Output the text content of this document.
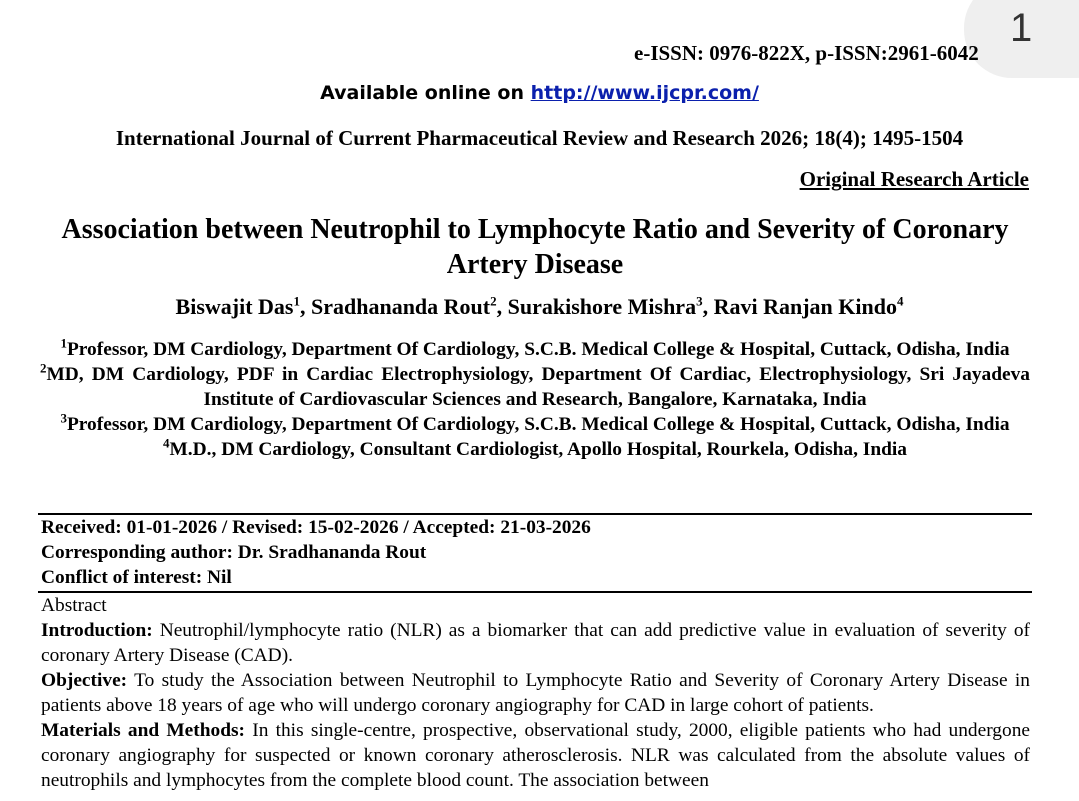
1
e-ISSN: 0976-822X, p-ISSN:2961-6042
Available online on http://www.ijcpr.com/
International Journal of Current Pharmaceutical Review and Research 2026; 18(4); 1495-1504
Original Research Article
Association between Neutrophil to Lymphocyte Ratio and Severity of Coronary Artery Disease
Biswajit Das$^1$, Sradhananda Rout$^2$, Surakishore Mishra$^3$, Ravi Ranjan Kindo$^4$
$^1$Professor, DM Cardiology, Department Of Cardiology, S.C.B. Medical College & Hospital, Cuttack, Odisha, India
$^2$MD, DM Cardiology, PDF in Cardiac Electrophysiology, Department Of Cardiac, Electrophysiology, Sri Jayadeva Institute of Cardiovascular Sciences and Research, Bangalore, Karnataka, India
$^3$Professor, DM Cardiology, Department Of Cardiology, S.C.B. Medical College & Hospital, Cuttack, Odisha, India
$^4$M.D., DM Cardiology, Consultant Cardiologist, Apollo Hospital, Rourkela, Odisha, India
Received: 01-01-2026 / Revised: 15-02-2026 / Accepted: 21-03-2026
Corresponding author: Dr. Sradhananda Rout
Conflict of interest: Nil
Abstract

Introduction: Neutrophil/lymphocyte ratio (NLR) as a biomarker that can add predictive value in evaluation of severity of coronary Artery Disease (CAD).

Objective: To study the Association between Neutrophil to Lymphocyte Ratio and Severity of Coronary Artery Disease in patients above 18 years of age who will undergo coronary angiography for CAD in large cohort of patients.

Materials and Methods: In this single-centre, prospective, observational study, 2000, eligible patients who had undergone coronary angiography for suspected or known coronary atherosclerosis. NLR was calculated from the absolute values of neutrophils and lymphocytes from the complete blood count. The association between
